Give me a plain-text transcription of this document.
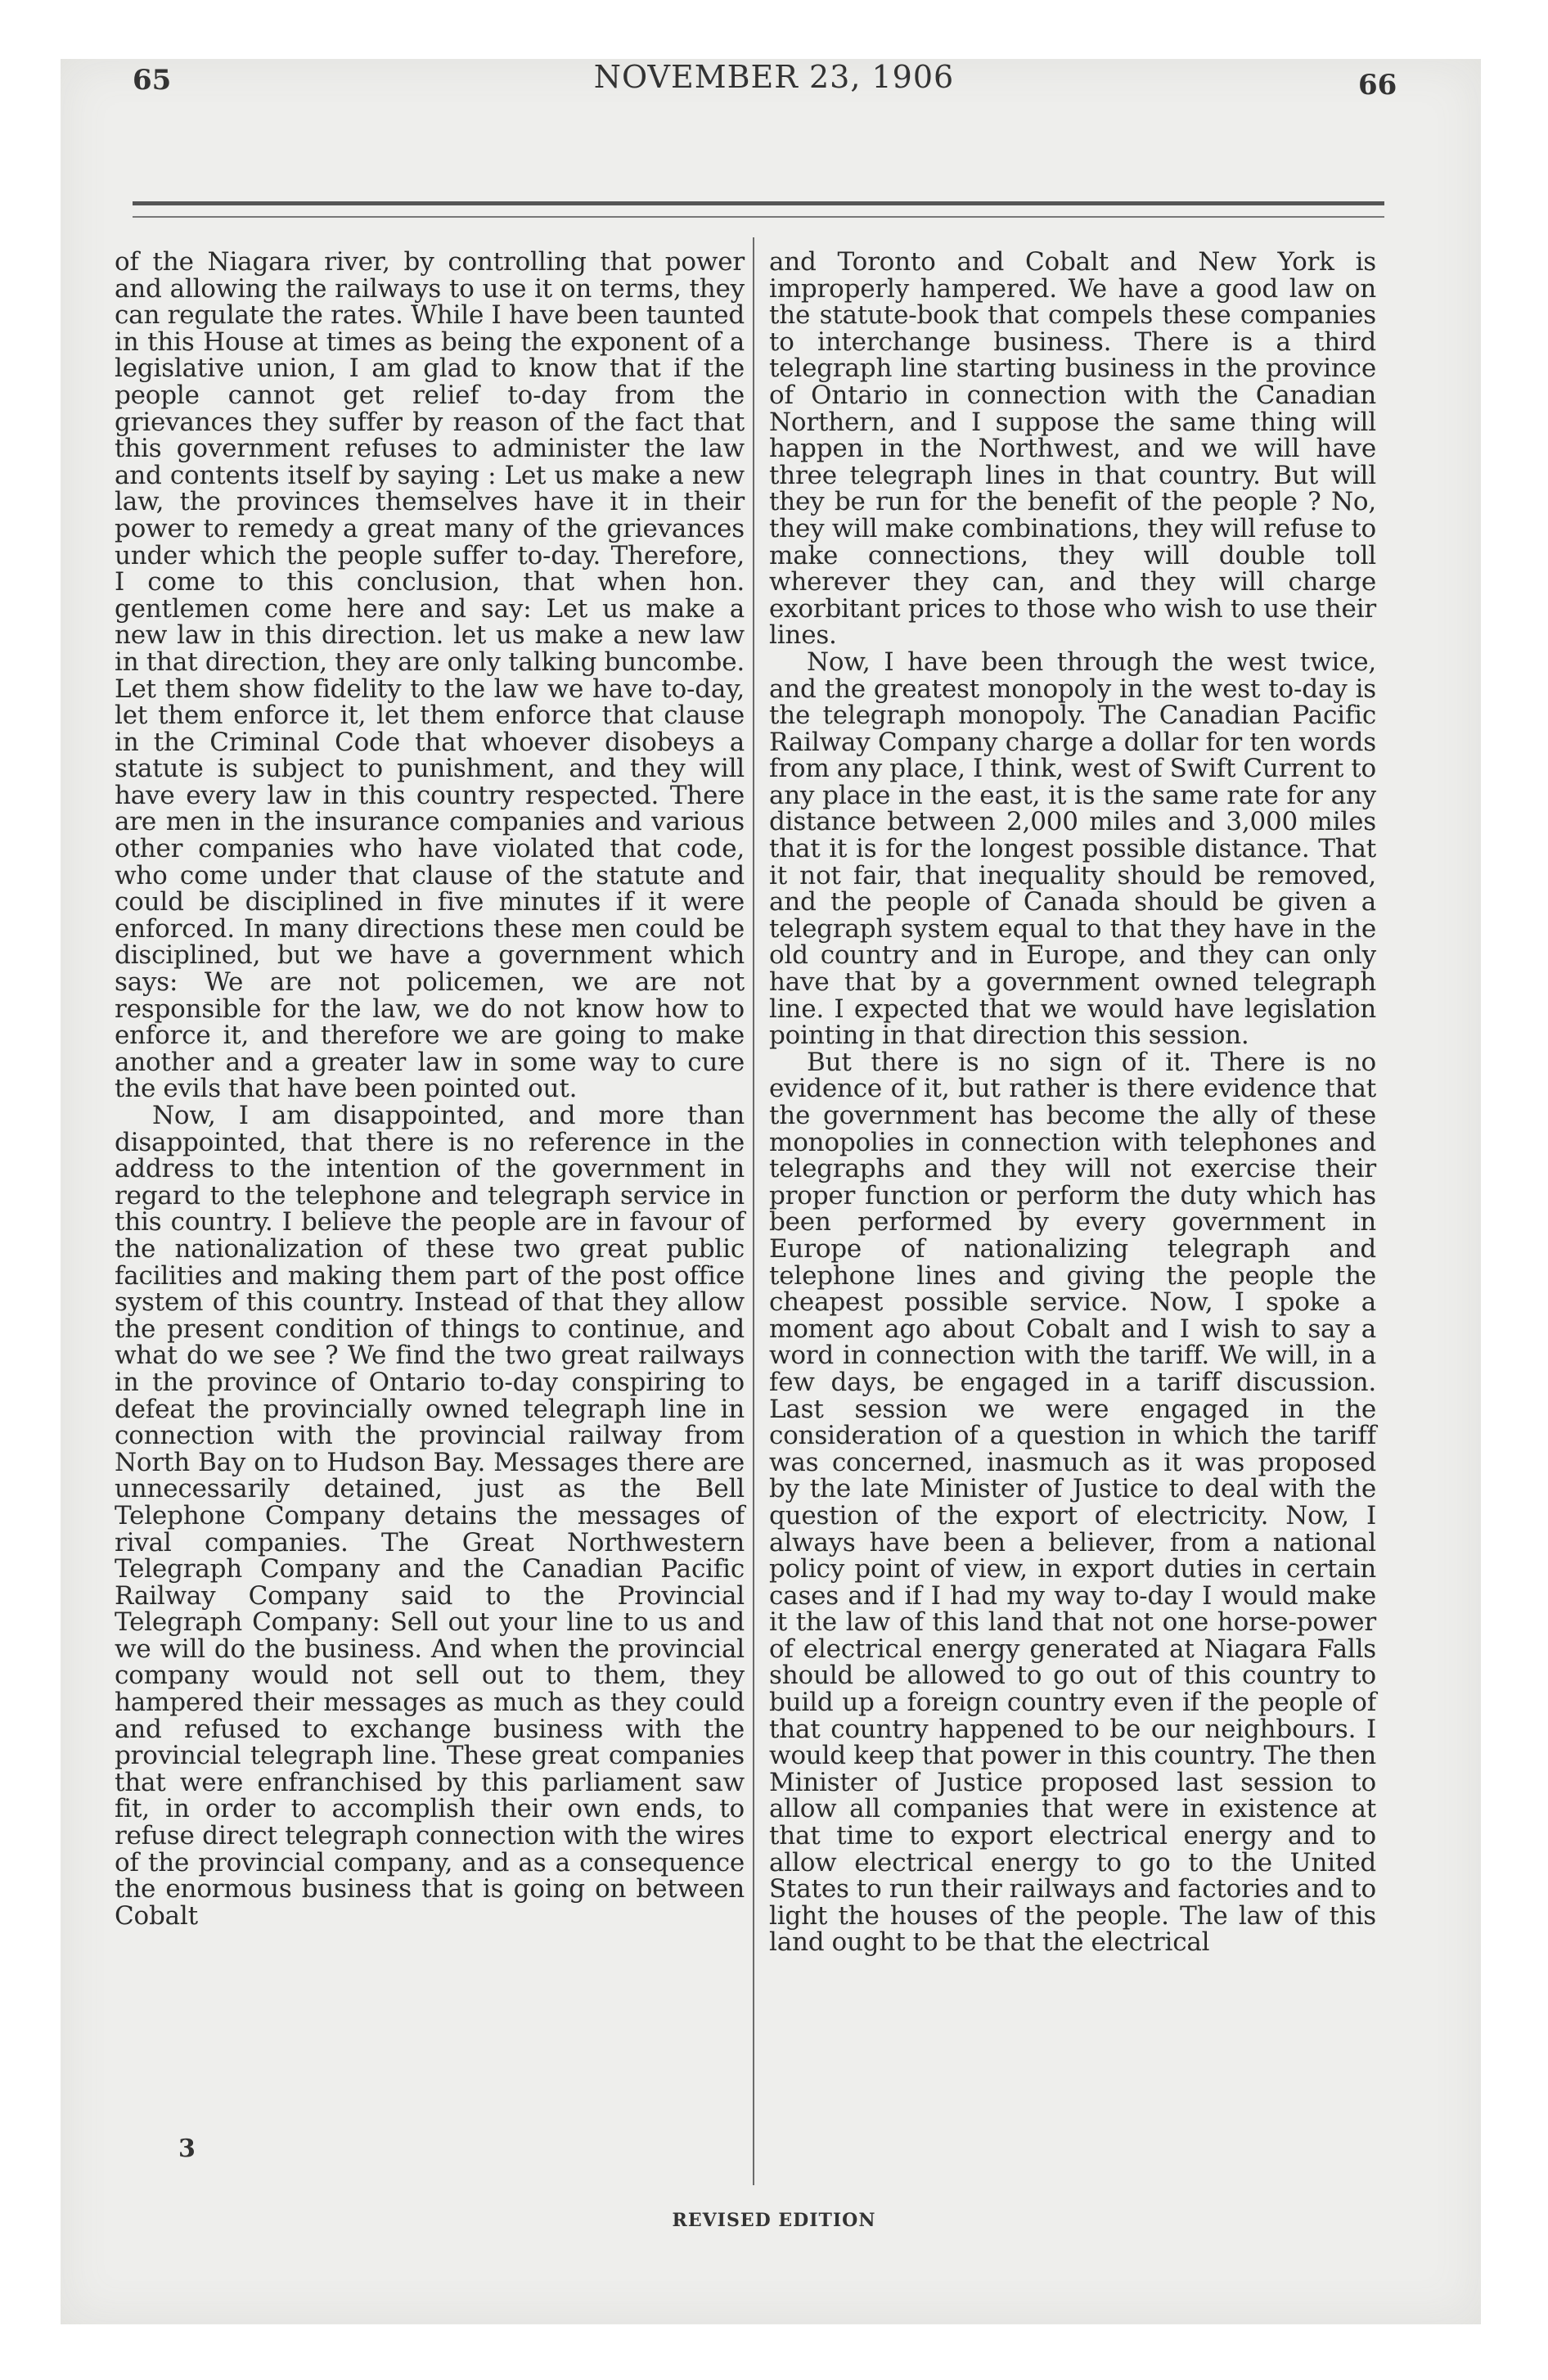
65	NOVEMBER 23, 1906	66

of the Niagara river, by controlling that power and allowing the railways to use it on terms, they can regulate the rates. While I have been taunted in this House at times as being the exponent of a legislative union, I am glad to know that if the people cannot get relief to-day from the grievances they suffer by reason of the fact that this government refuses to administer the law and contents itself by saying : Let us make a new law, the provinces themselves have it in their power to remedy a great many of the grievances under which the people suffer to-day. Therefore, I come to this conclusion, that when hon. gentlemen come here and say: Let us make a new law in this direction. let us make a new law in that direction, they are only talking buncombe. Let them show fidelity to the law we have to-day, let them enforce it, let them enforce that clause in the Criminal Code that whoever disobeys a statute is subject to punishment, and they will have every law in this country respected. There are men in the insurance companies and various other companies who have violated that code, who come under that clause of the statute and could be disciplined in five minutes if it were enforced. In many directions these men could be disciplined, but we have a government which says: We are not policemen, we are not responsible for the law, we do not know how to enforce it, and therefore we are going to make another and a greater law in some way to cure the evils that have been pointed out.

Now, I am disappointed, and more than disappointed, that there is no reference in the address to the intention of the government in regard to the telephone and telegraph service in this country. I believe the people are in favour of the nationalization of these two great public facilities and making them part of the post office system of this country. Instead of that they allow the present condition of things to continue, and what do we see ? We find the two great railways in the province of Ontario to-day conspiring to defeat the provincially owned telegraph line in connection with the provincial railway from North Bay on to Hudson Bay. Messages there are unnecessarily detained, just as the Bell Telephone Company detains the messages of rival companies. The Great Northwestern Telegraph Company and the Canadian Pacific Railway Company said to the Provincial Telegraph Company: Sell out your line to us and we will do the business. And when the provincial company would not sell out to them, they hampered their messages as much as they could and refused to exchange business with the provincial telegraph line. These great companies that were enfranchised by this parliament saw fit, in order to accomplish their own ends, to refuse direct telegraph connection with the wires of the provincial company, and as a consequence the enormous business that is going on between Cobalt

and Toronto and Cobalt and New York is improperly hampered. We have a good law on the statute-book that compels these companies to interchange business. There is a third telegraph line starting business in the province of Ontario in connection with the Canadian Northern, and I suppose the same thing will happen in the Northwest, and we will have three telegraph lines in that country. But will they be run for the benefit of the people ? No, they will make combinations, they will refuse to make connections, they will double toll wherever they can, and they will charge exorbitant prices to those who wish to use their lines.

Now, I have been through the west twice, and the greatest monopoly in the west to-day is the telegraph monopoly. The Canadian Pacific Railway Company charge a dollar for ten words from any place, I think, west of Swift Current to any place in the east, it is the same rate for any distance between 2,000 miles and 3,000 miles that it is for the longest possible distance. That it not fair, that inequality should be removed, and the people of Canada should be given a telegraph system equal to that they have in the old country and in Europe, and they can only have that by a government owned telegraph line. I expected that we would have legislation pointing in that direction this session.

But there is no sign of it. There is no evidence of it, but rather is there evidence that the government has become the ally of these monopolies in connection with telephones and telegraphs and they will not exercise their proper function or perform the duty which has been performed by every government in Europe of nationalizing telegraph and telephone lines and giving the people the cheapest possible service. Now, I spoke a moment ago about Cobalt and I wish to say a word in connection with the tariff. We will, in a few days, be engaged in a tariff discussion. Last session we were engaged in the consideration of a question in which the tariff was concerned, inasmuch as it was proposed by the late Minister of Justice to deal with the question of the export of electricity. Now, I always have been a believer, from a national policy point of view, in export duties in certain cases and if I had my way to-day I would make it the law of this land that not one horse-power of electrical energy generated at Niagara Falls should be allowed to go out of this country to build up a foreign country even if the people of that country happened to be our neighbours. I would keep that power in this country. The then Minister of Justice proposed last session to allow all companies that were in existence at that time to export electrical energy and to allow electrical energy to go to the United States to run their railways and factories and to light the houses of the people. The law of this land ought to be that the electrical

3
REVISED EDITION
